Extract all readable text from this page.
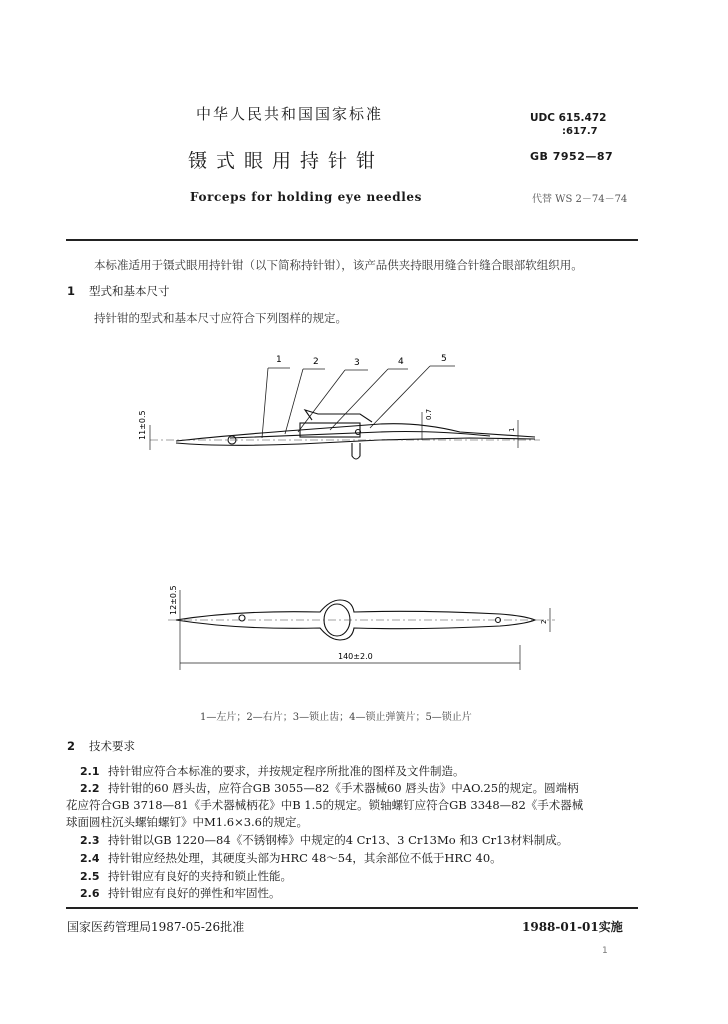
中华人民共和国国家标准
镊式眼用持针钳
Forceps for holding eye needles
UDC 615.472
:617.7
GB 7952—87
代替 WS 2－74－74
本标准适用于镊式眼用持针钳（以下简称持针钳），该产品供夹持眼用缝合针缝合眼部软组织用。
1 型式和基本尺寸
持针钳的型式和基本尺寸应符合下列图样的规定。
1	2	3	4	5
11±0.5	0.7
1
12±0.5
2
140±2.0
1—左片；2—右片；3—锁止齿；4—锁止弹簧片；5—锁止片
2 技术要求
2.1 持针钳应符合本标准的要求，并按规定程序所批准的图样及文件制造。
2.2 持针钳的60 唇头齿，应符合GB 3055—82《手术器械60 唇头齿》中AO.25的规定。圆端柄
花应符合GB 3718—81《手术器械柄花》中B 1.5的规定。锁轴螺钉应符合GB 3348—82《手术器械
球面圆柱沉头螺铂螺钉》中M1.6×3.6的规定。
2.3 持针钳以GB 1220—84《不锈钢棒》中规定的4 Cr13、3 Cr13Mo 和3 Cr13材料制成。
2.4 持针钳应经热处理，其硬度头部为HRC 48～54，其余部位不低于HRC 40。
2.5 持针钳应有良好的夹持和锁止性能。
2.6 持针钳应有良好的弹性和牢固性。
国家医药管理局1987-05-26批准	1988-01-01实施
1
